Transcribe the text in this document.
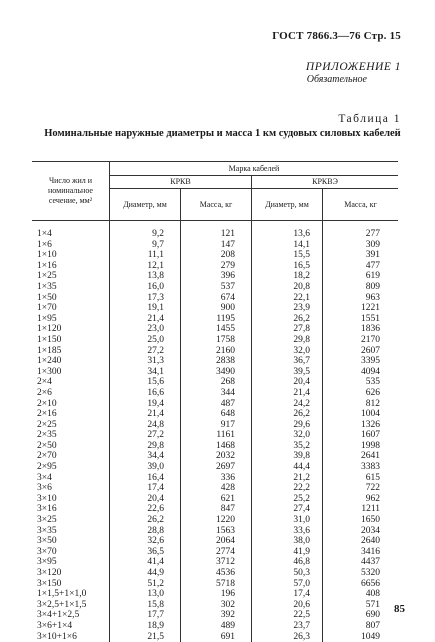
ГОСТ 7866.3—76 Стр. 15
ПРИЛОЖЕНИЕ 1
Обязательное
Таблица 1
Номинальные наружные диаметры и масса 1 км судовых силовых кабелей
Число жил и номинальное сечение, мм²	Марка кабелей			
	КРКВ		КРКВЭ	
	Диаметр, мм	Масса, кг	Диаметр, мм	Масса, кг
1×4	9,2	121	13,6	277
1×6	9,7	147	14,1	309
1×10	11,1	208	15,5	391
1×16	12,1	279	16,5	477
1×25	13,8	396	18,2	619
1×35	16,0	537	20,8	809
1×50	17,3	674	22,1	963
1×70	19,1	900	23,9	1221
1×95	21,4	1195	26,2	1551
1×120	23,0	1455	27,8	1836
1×150	25,0	1758	29,8	2170
1×185	27,2	2160	32,0	2607
1×240	31,3	2838	36,7	3395
1×300	34,1	3490	39,5	4094
2×4	15,6	268	20,4	535
2×6	16,6	344	21,4	626
2×10	19,4	487	24,2	812
2×16	21,4	648	26,2	1004
2×25	24,8	917	29,6	1326
2×35	27,2	1161	32,0	1607
2×50	29,8	1468	35,2	1998
2×70	34,4	2032	39,8	2641
2×95	39,0	2697	44,4	3383
3×4	16,4	336	21,2	615
3×6	17,4	428	22,2	722
3×10	20,4	621	25,2	962
3×16	22,6	847	27,4	1211
3×25	26,2	1220	31,0	1650
3×35	28,8	1563	33,6	2034
3×50	32,6	2064	38,0	2640
3×70	36,5	2774	41,9	3416
3×95	41,4	3712	46,8	4437
3×120	44,9	4536	50,3	5320
3×150	51,2	5718	57,0	6656
1×1,5+1×1,0	13,0	196	17,4	408
3×2,5+1×1,5	15,8	302	20,6	571
3×4+1×2,5	17,7	392	22,5	690
3×6+1×4	18,9	489	23,7	807
3×10+1×6	21,5	691	26,3	1049
85
